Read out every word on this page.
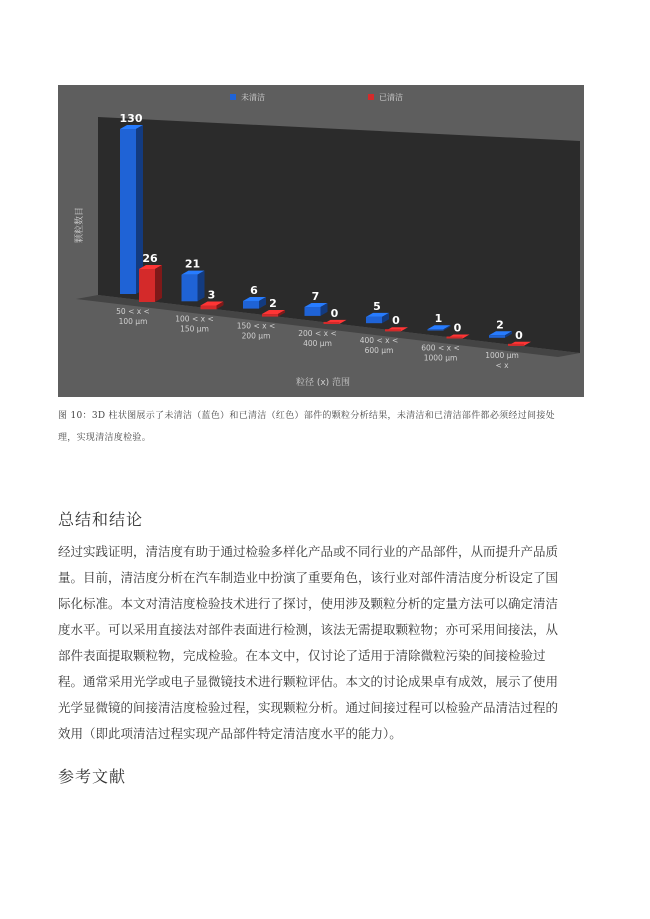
未清洁	已清洁
130
26 21
3	6
2
7
0
5
0	1
0	2
0
50 < x < 100 μm	100 < x < 150 μm	150 < x < 200 μm	200 < x < 400 μm	400 < x < 600 μm	600 < x < 1000 μm	1000 μm < x
颗粒数目
粒径 (x) 范围
图 10：3D 柱状图展示了未清洁（蓝色）和已清洁（红色）部件的颗粒分析结果，未清洁和已清洁部件都必须经过间接处
理，实现清洁度检验。
总结和结论
经过实践证明，清洁度有助于通过检验多样化产品或不同行业的产品部件，从而提升产品质
量。目前，清洁度分析在汽车制造业中扮演了重要角色，该行业对部件清洁度分析设定了国
际化标准。本文对清洁度检验技术进行了探讨，使用涉及颗粒分析的定量方法可以确定清洁
度水平。可以采用直接法对部件表面进行检测，该法无需提取颗粒物；亦可采用间接法，从
部件表面提取颗粒物，完成检验。在本文中，仅讨论了适用于清除微粒污染的间接检验过
程。通常采用光学或电子显微镜技术进行颗粒评估。本文的讨论成果卓有成效，展示了使用
光学显微镜的间接清洁度检验过程，实现颗粒分析。通过间接过程可以检验产品清洁过程的
效用（即此项清洁过程实现产品部件特定清洁度水平的能力）。
参考文献
